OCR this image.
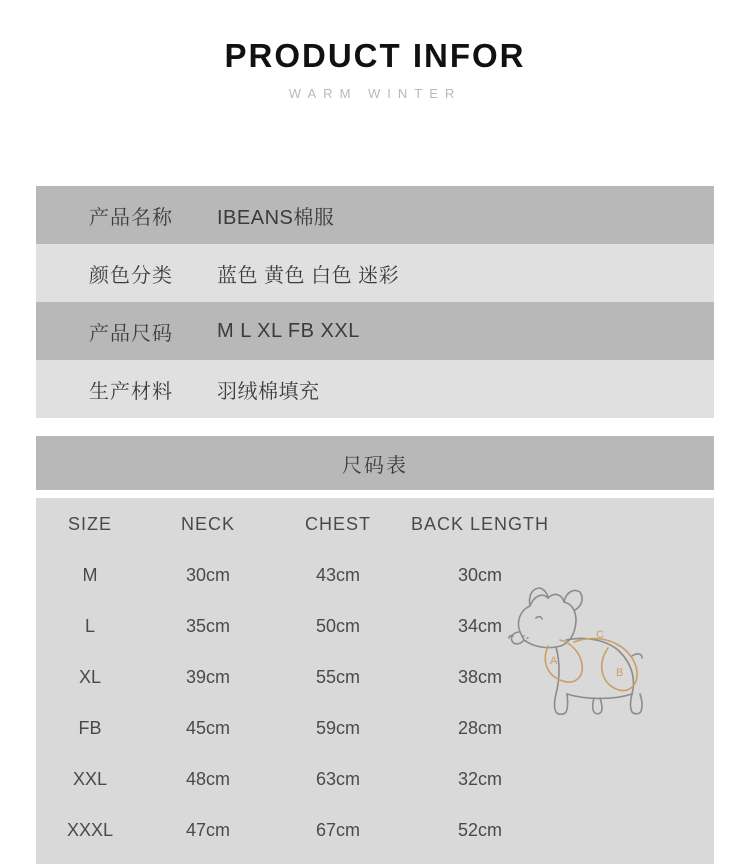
PRODUCT INFOR
WARM WINTER
产品名称	IBEANS棉服
颜色分类	蓝色 黄色 白色 迷彩
产品尺码	M L XL FB XXL
生产材料	羽绒棉填充
尺码表
SIZE	NECK	CHEST	BACK LENGTH
M	30cm	43cm	30cm
L	35cm	50cm	34cm
XL	39cm	55cm	38cm
FB	45cm	59cm	28cm
XXL	48cm	63cm	32cm
XXXL	47cm	67cm	52cm
A
C
B
